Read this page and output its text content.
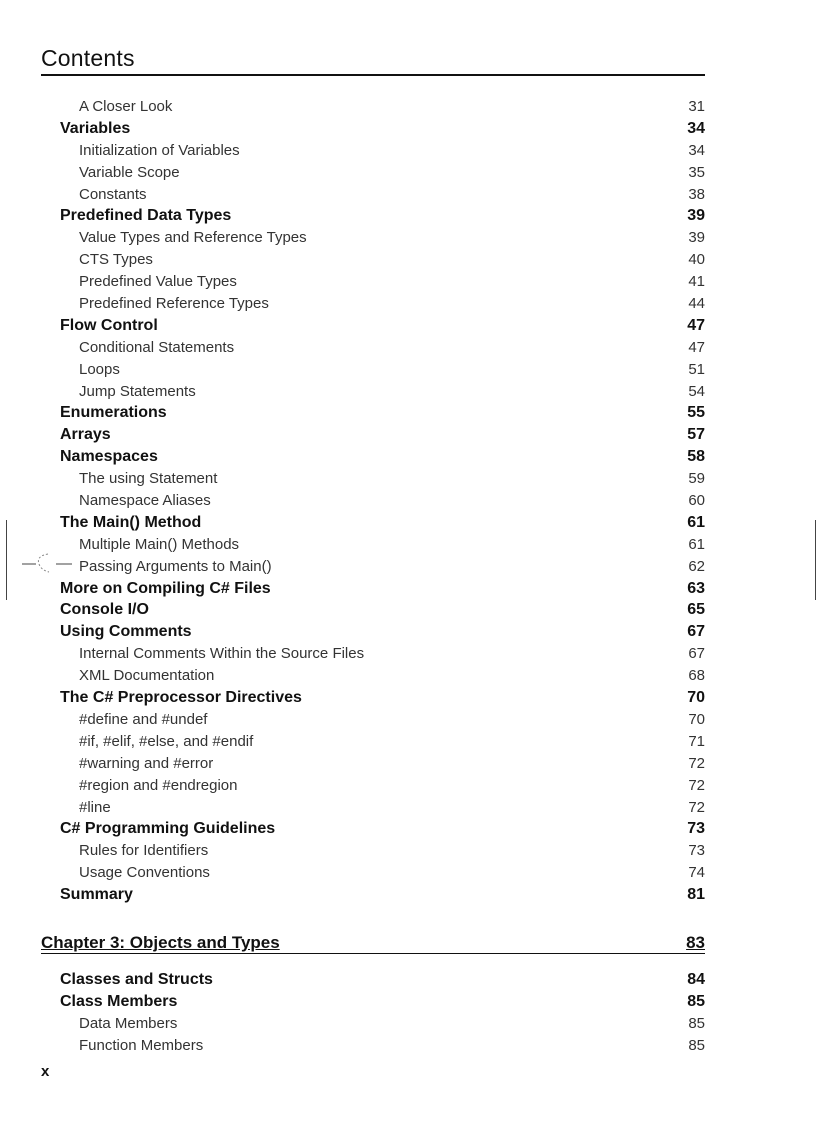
Contents
A Closer Look	31
Variables	34
Initialization of Variables	34
Variable Scope	35
Constants	38
Predefined Data Types	39
Value Types and Reference Types	39
CTS Types	40
Predefined Value Types	41
Predefined Reference Types	44
Flow Control	47
Conditional Statements	47
Loops	51
Jump Statements	54
Enumerations	55
Arrays	57
Namespaces	58
The using Statement	59
Namespace Aliases	60
The Main() Method	61
Multiple Main() Methods	61
Passing Arguments to Main()	62
More on Compiling C# Files	63
Console I/O	65
Using Comments	67
Internal Comments Within the Source Files	67
XML Documentation	68
The C# Preprocessor Directives	70
#define and #undef	70
#if, #elif, #else, and #endif	71
#warning and #error	72
#region and #endregion	72
#line	72
C# Programming Guidelines	73
Rules for Identifiers	73
Usage Conventions	74
Summary	81
Chapter 3: Objects and Types	83
Classes and Structs	84
Class Members	85
Data Members	85
Function Members	85
x
